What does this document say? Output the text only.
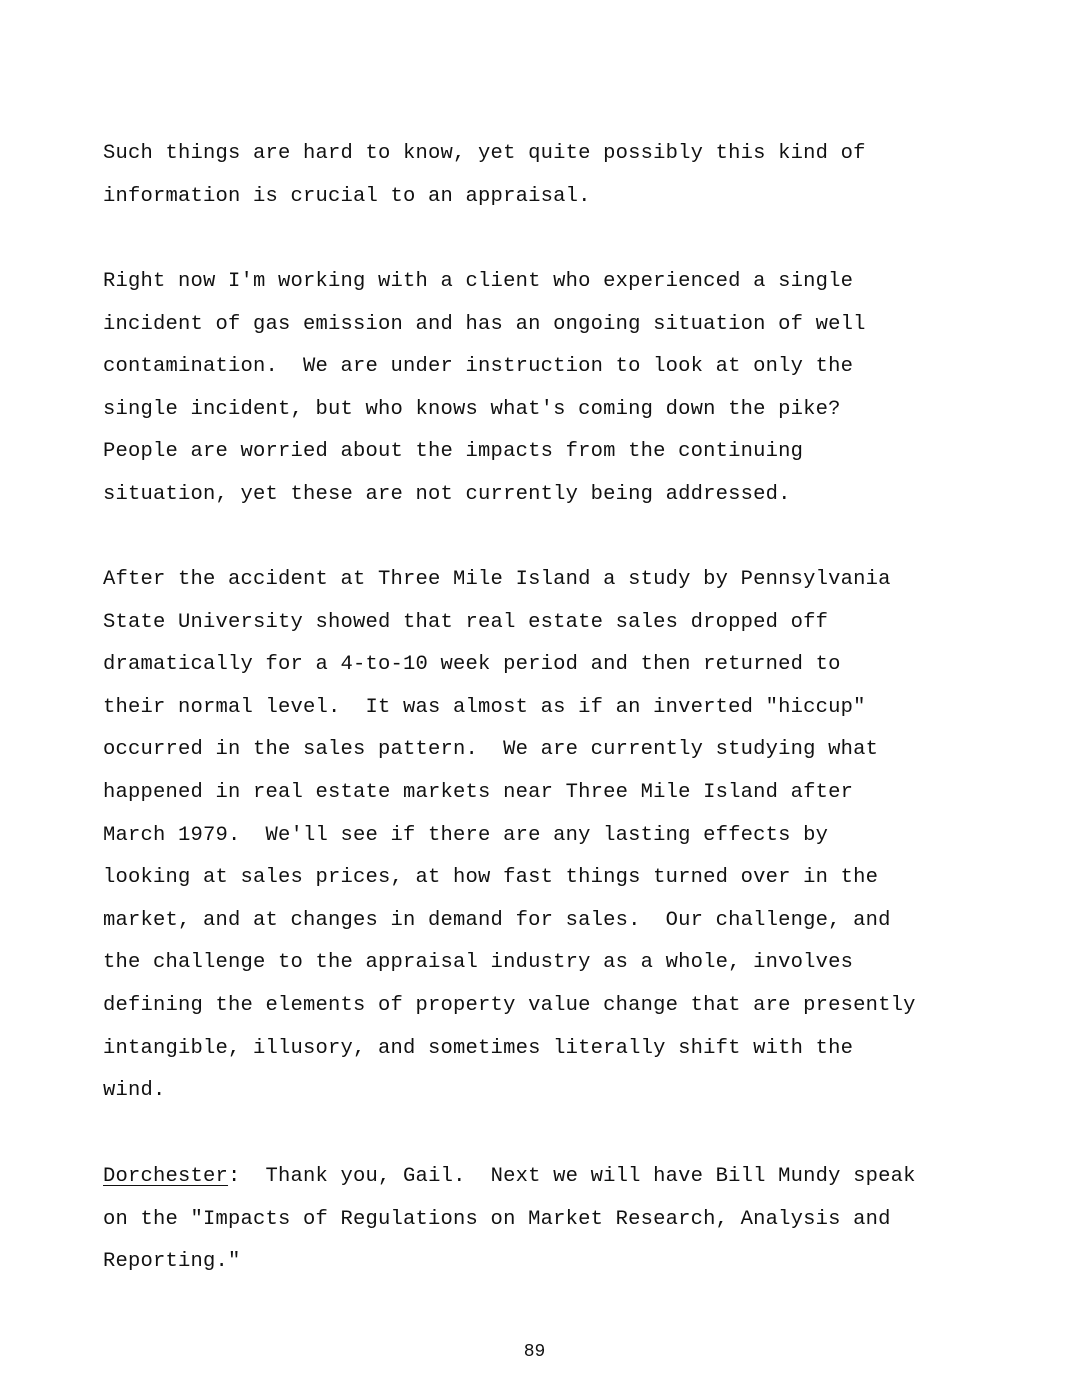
Such things are hard to know, yet quite possibly this kind of
information is crucial to an appraisal.
Right now I'm working with a client who experienced a single
incident of gas emission and has an ongoing situation of well
contamination.  We are under instruction to look at only the
single incident, but who knows what's coming down the pike?
People are worried about the impacts from the continuing
situation, yet these are not currently being addressed.
After the accident at Three Mile Island a study by Pennsylvania
State University showed that real estate sales dropped off
dramatically for a 4-to-10 week period and then returned to
their normal level.  It was almost as if an inverted "hiccup"
occurred in the sales pattern.  We are currently studying what
happened in real estate markets near Three Mile Island after
March 1979.  We'll see if there are any lasting effects by
looking at sales prices, at how fast things turned over in the
market, and at changes in demand for sales.  Our challenge, and
the challenge to the appraisal industry as a whole, involves
defining the elements of property value change that are presently
intangible, illusory, and sometimes literally shift with the
wind.
Dorchester:  Thank you, Gail.  Next we will have Bill Mundy speak
on the "Impacts of Regulations on Market Research, Analysis and
Reporting."
89
